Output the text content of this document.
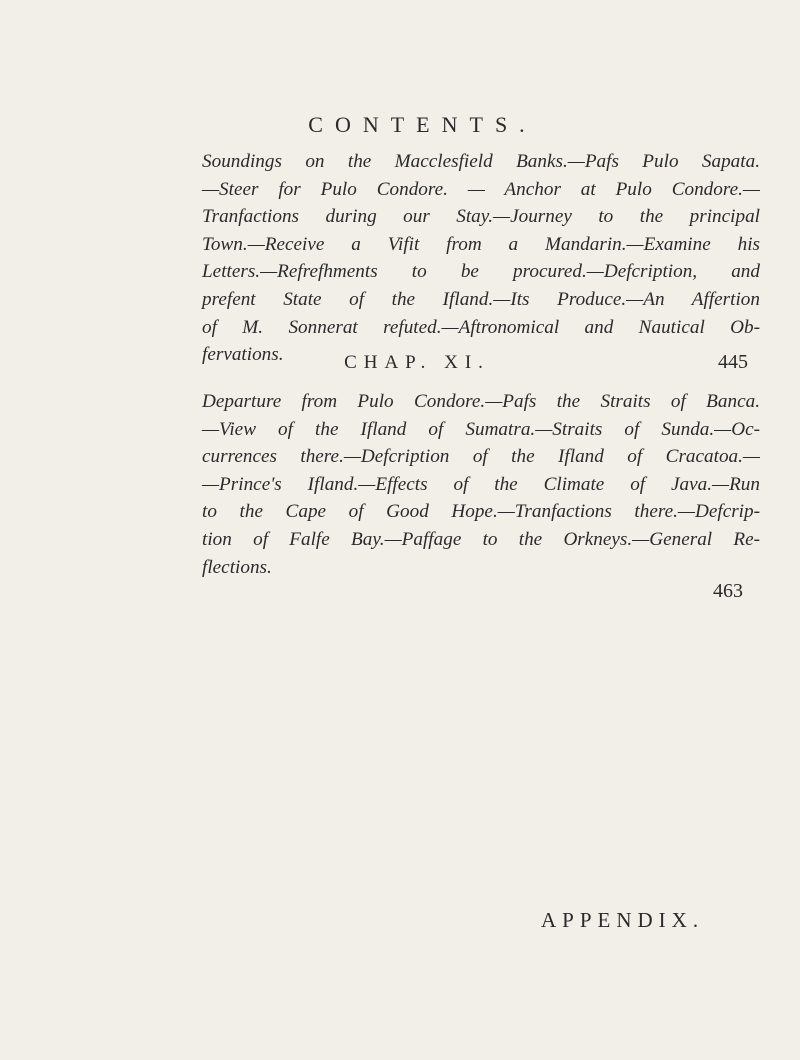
CONTENTS.
Soundings on the Macclesfield Banks.—Pafs Pulo Sapata.
—Steer for Pulo Condore. — Anchor at Pulo Condore.—
Tranfactions during our Stay.—Journey to the principal
Town.—Receive a Vifit from a Mandarin.—Examine his
Letters.—Refrefhments to be procured.—Defcription, and
prefent State of the Ifland.—Its Produce.—An Affertion
of M. Sonnerat refuted.—Aftronomical and Nautical Ob-
fervations.	445
CHAP. XI.
Departure from Pulo Condore.—Pafs the Straits of Banca.
—View of the Ifland of Sumatra.—Straits of Sunda.—Oc-
currences there.—Defcription of the Ifland of Cracatoa.—
—Prince's Ifland.—Effects of the Climate of Java.—Run
to the Cape of Good Hope.—Tranfactions there.—Defcrip-
tion of Falfe Bay.—Paffage to the Orkneys.—General Re-
flections.
463
APPENDIX.
